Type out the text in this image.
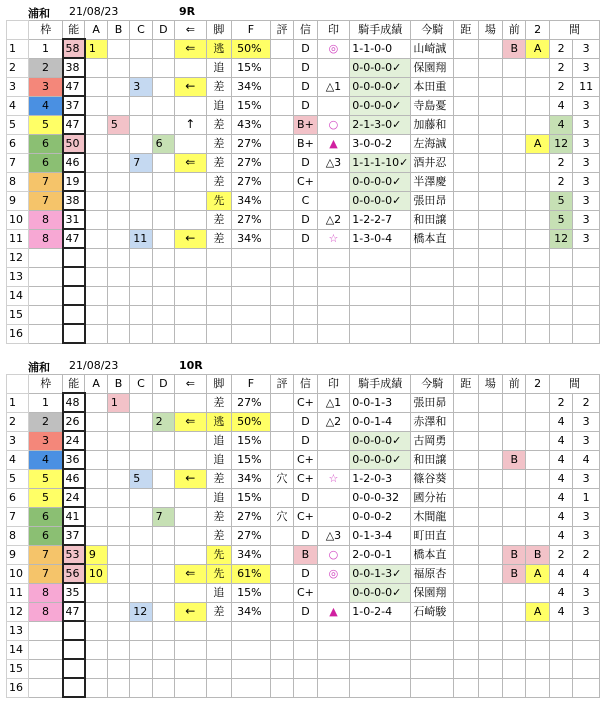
浦和 21/08/23	9R
	枠	能	A	B	C	D	⇐	脚	F	評	信	印	騎手成績	今騎	距	場	前	2	間	
1	1	58	1				⇐	逃	50%		D	◎	1-1-0-0	山崎誠			B	A	2	3
2	2	38						追	15%		D		0-0-0-0✓	保園翔					2	3
3	3	47			3		←	差	34%		D	△1	0-0-0-0✓	本田重					2	11
4	4	37						追	15%		D		0-0-0-0✓	寺島憂					4	3
5	5	47		5			↑	差	43%		B+	○	2-1-3-0✓	加藤和					4	3
6	6	50				6		差	27%		B+	▲	3-0-0-2	左海誠				A	12	3
7	6	46			7		⇐	差	27%		D	△3	1-1-1-10✓	酒井忍					2	3
8	7	19						差	27%		C+		0-0-0-0✓	半澤慶					2	3
9	7	38						先	34%		C		0-0-0-0✓	張田昂					5	3
10	8	31						差	27%		D	△2	1-2-2-7	和田譲					5	3
11	8	47			11		←	差	34%		D	☆	1-3-0-4	橋本直					12	3
12																				
13																				
14																				
15																				
16																				
浦和 21/08/23	10R
	枠	能	A	B	C	D	⇐	脚	F	評	信	印	騎手成績	今騎	距	場	前	2	間	
1	1	48		1				差	27%		C+	△1	0-0-1-3	張田昴					2	2
2	2	26				2	⇐	逃	50%		D	△2	0-0-1-4	赤澤和					4	3
3	3	24						追	15%		D		0-0-0-0✓	古岡勇					4	3
4	4	36						追	15%		C+		0-0-0-0✓	和田譲			B		4	4
5	5	46			5		←	差	34%	穴	C+	☆	1-2-0-3	篠谷葵					4	3
6	5	24						追	15%		D		0-0-0-32	國分祐					4	1
7	6	41				7		差	27%	穴	C+		0-0-0-2	木間龍					4	3
8	6	37						差	27%		D	△3	0-1-3-4	町田直					4	3
9	7	53	9					先	34%		B	○	2-0-0-1	橋本直			B	B	2	2
10	7	56	10				⇐	先	61%		D	◎	0-0-1-3✓	福原杏			B	A	4	4
11	8	35						追	15%		C+		0-0-0-0✓	保園翔					4	3
12	8	47			12		←	差	34%		D	▲	1-0-2-4	石崎駿				A	4	3
13																				
14																				
15																				
16																				
